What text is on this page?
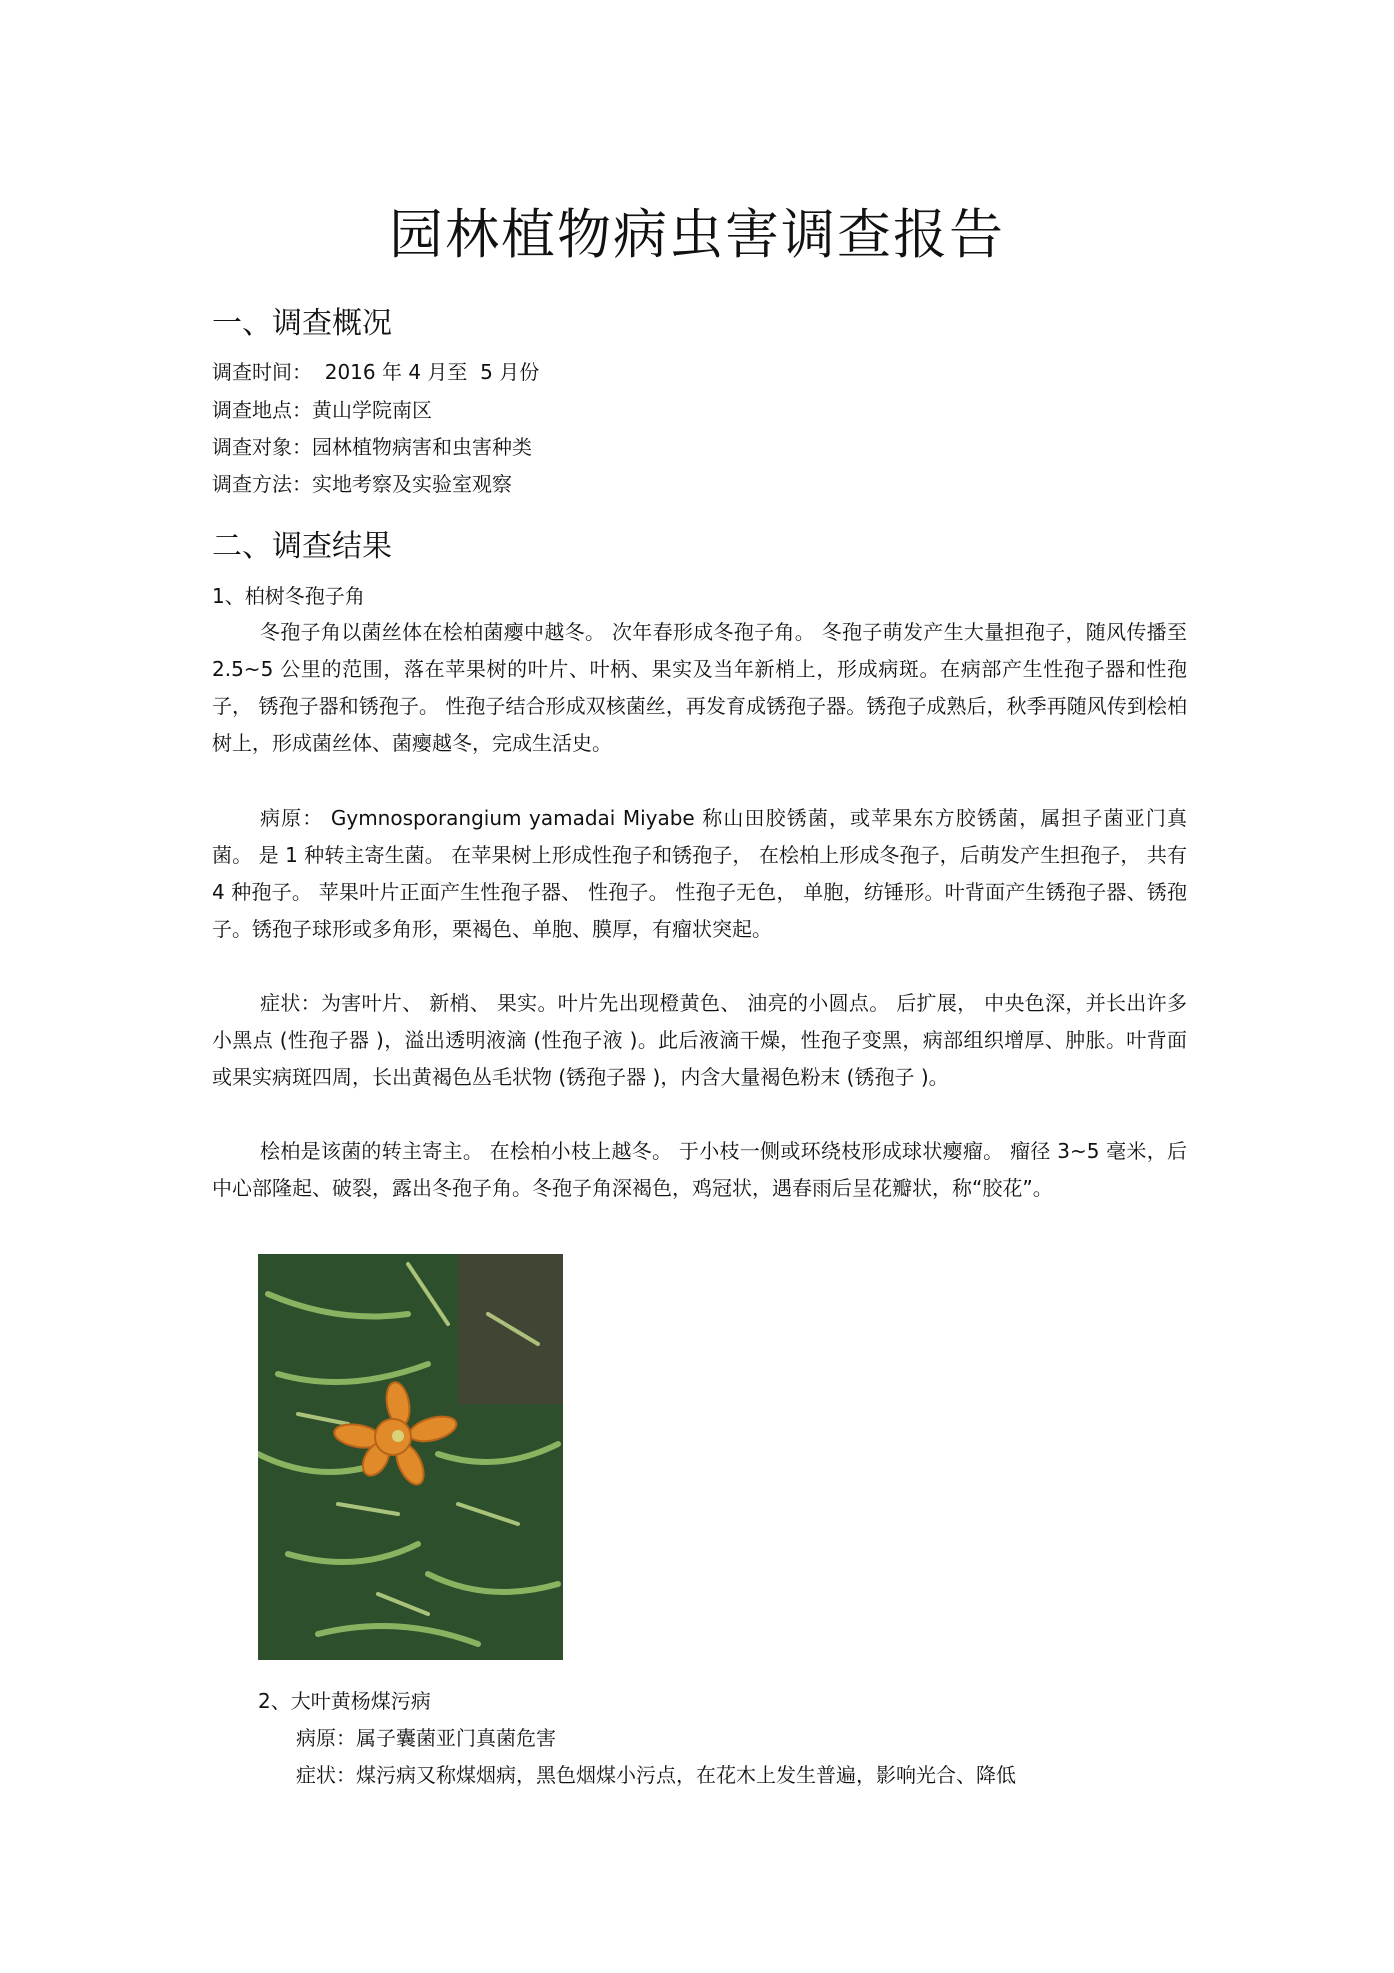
园林植物病虫害调查报告
一、调查概况

调查时间：  2016 年 4 月至  5 月份

调查地点：黄山学院南区

调查对象：园林植物病害和虫害种类

调查方法：实地考察及实验室观察

二、调查结果

1、柏树冬孢子角

冬孢子角以菌丝体在桧柏菌瘿中越冬。 次年春形成冬孢子角。 冬孢子萌发产生大量担孢子，随风传播至 2.5~5 公里的范围，落在苹果树的叶片、叶柄、果实及当年新梢上，形成病斑。在病部产生性孢子器和性孢子， 锈孢子器和锈孢子。 性孢子结合形成双核菌丝，再发育成锈孢子器。锈孢子成熟后，秋季再随风传到桧柏树上，形成菌丝体、菌瘿越冬，完成生活史。

病原： Gymnosporangium yamadai Miyabe 称山田胶锈菌，或苹果东方胶锈菌，属担子菌亚门真菌。 是 1 种转主寄生菌。 在苹果树上形成性孢子和锈孢子， 在桧柏上形成冬孢子，后萌发产生担孢子， 共有 4 种孢子。 苹果叶片正面产生性孢子器、 性孢子。 性孢子无色， 单胞，纺锤形。叶背面产生锈孢子器、锈孢子。锈孢子球形或多角形，栗褐色、单胞、膜厚，有瘤状突起。

症状：为害叶片、 新梢、 果实。叶片先出现橙黄色、 油亮的小圆点。 后扩展， 中央色深，并长出许多小黑点 (性孢子器 )，溢出透明液滴 (性孢子液 )。此后液滴干燥，性孢子变黑，病部组织增厚、肿胀。叶背面或果实病斑四周，长出黄褐色丛毛状物 (锈孢子器 )，内含大量褐色粉末 (锈孢子 )。

桧柏是该菌的转主寄主。 在桧柏小枝上越冬。 于小枝一侧或环绕枝形成球状瘿瘤。 瘤径 3~5 毫米，后中心部隆起、破裂，露出冬孢子角。冬孢子角深褐色，鸡冠状，遇春雨后呈花瓣状，称“胶花”。

2、大叶黄杨煤污病

病原：属子囊菌亚门真菌危害

症状：煤污病又称煤烟病，黑色烟煤小污点，在花木上发生普遍，影响光合、降低
